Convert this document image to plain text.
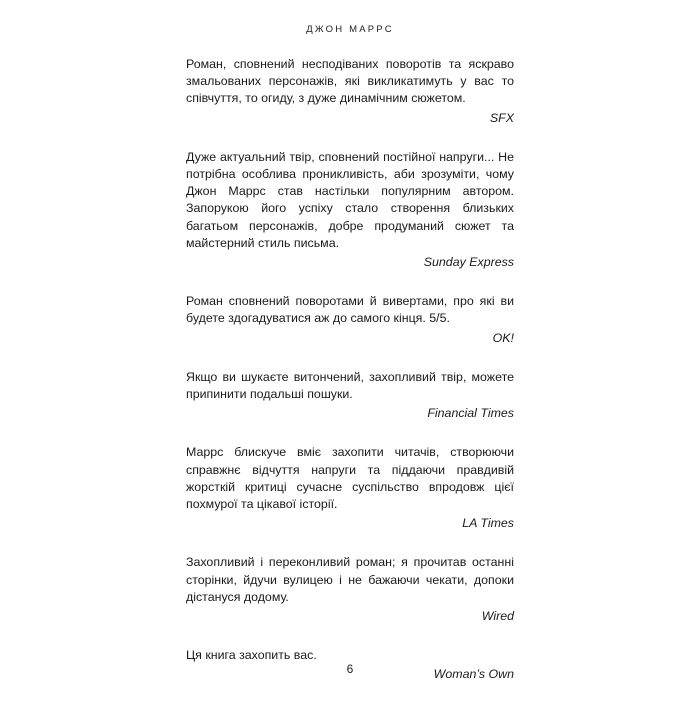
ДЖОН МАРРС

Роман, сповнений несподіваних поворотів та яскраво змальованих персонажів, які викликатимуть у вас то співчуття, то огиду, з дуже динамічним сюжетом.

SFX

Дуже актуальний твір, сповнений постійної напруги... Не потрібна особлива проникливість, аби зрозуміти, чому Джон Маррс став настільки популярним автором. Запорукою його успіху стало створення близьких багатьом персонажів, добре продуманий сюжет та майстерний стиль письма.

Sunday Express

Роман сповнений поворотами й вивертами, про які ви будете здогадуватися аж до самого кінця. 5/5.

OK!

Якщо ви шукаєте витончений, захопливий твір, можете припинити подальші пошуки.

Financial Times

Маррс блискуче вміє захопити читачів, створюючи справжнє відчуття напруги та піддаючи правдивій жорсткій критиці сучасне суспільство впродовж цієї похмурої та цікавої історії.

LA Times

Захопливий і переконливий роман; я прочитав останні сторінки, йдучи вулицею і не бажаючи чекати, допоки дістануся додому.

Wired

Ця книга захопить вас.

Woman’s Own

6
